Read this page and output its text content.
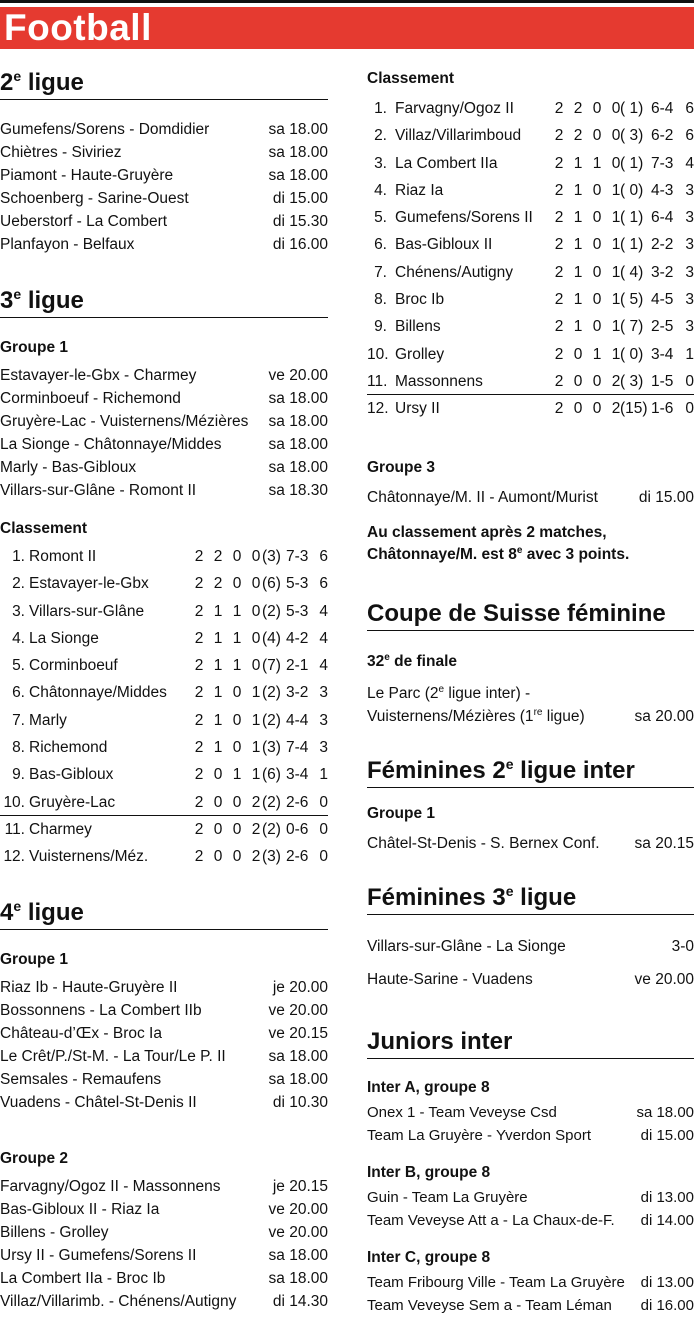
Football
2e ligue
Gumefens/Sorens - Domdidier	sa 18.00
Chiètres - Siviriez	sa 18.00
Piamont - Haute-Gruyère	sa 18.00
Schoenberg - Sarine-Ouest	di 15.00
Ueberstorf - La Combert	di 15.30
Planfayon - Belfaux	di 16.00
3e ligue
Groupe 1
Estavayer-le-Gbx - Charmey	ve 20.00
Corminboeuf - Richemond	sa 18.00
Gruyère-Lac - Vuisternens/Mézières sa 18.00
La Sionge - Châtonnaye/Middes	sa 18.00
Marly - Bas-Gibloux	sa 18.00
Villars-sur-Glâne - Romont II	sa 18.30
Classement
1. Romont II	2 2 0 0 (3) 7-3 6
2. Estavayer-le-Gbx	2 2 0 0 (6) 5-3 6
3. Villars-sur-Glâne	2 1 1 0 (2) 5-3 4
4. La Sionge	2 1 1 0 (4) 4-2 4
5. Corminboeuf	2 1 1 0 (7) 2-1 4
6. Châtonnaye/Middes 2 1 0 1 (2) 3-2 3
7. Marly	2 1 0 1 (2) 4-4 3
8. Richemond	2 1 0 1 (3) 7-4 3
9. Bas-Gibloux	2 0 1 1 (6) 3-4 1
10. Gruyère-Lac	2 0 0 2 (2) 2-6 0
11. Charmey	2 0 0 2 (2) 0-6 0
12. Vuisternens/Méz.	2 0 0 2 (3) 2-6 0
4e ligue
Groupe 1
Riaz Ib - Haute-Gruyère II	je 20.00
Bossonnens - La Combert IIb	ve 20.00
Château-d’Œx - Broc Ia	ve 20.15
Le Crêt/P./St-M. - La Tour/Le P. II	sa 18.00
Semsales - Remaufens	sa 18.00
Vuadens - Châtel-St-Denis II	di 10.30
Groupe 2
Farvagny/Ogoz II - Massonnens	je 20.15
Bas-Gibloux II - Riaz Ia	ve 20.00
Billens - Grolley	ve 20.00
Ursy II - Gumefens/Sorens II	sa 18.00
La Combert IIa - Broc Ib	sa 18.00
Villaz/Villarimb. - Chénens/Autigny di 14.30
Classement
1. Farvagny/Ogoz II	2 2 0 0 ( 1) 6-4 6
2. Villaz/Villarimboud 2 2 0 0 ( 3) 6-2 6
3. La Combert IIa	2 1 1 0 ( 1) 7-3 4
4. Riaz Ia	2 1 0 1 ( 0) 4-3 3
5. Gumefens/Sorens II 2 1 0 1 ( 1) 6-4 3
6. Bas-Gibloux II	2 1 0 1 ( 1) 2-2 3
7. Chénens/Autigny	2 1 0 1 ( 4) 3-2 3
8. Broc Ib	2 1 0 1 ( 5) 4-5 3
9. Billens	2 1 0 1 ( 7) 2-5 3
10. Grolley	2 0 1 1 ( 0) 3-4 1
11. Massonnens	2 0 0 2 ( 3) 1-5 0
12. Ursy II	2 0 0 2 (15) 1-6 0
Groupe 3
Châtonnaye/M. II - Aumont/Murist	di 15.00
Au classement après 2 matches,
Châtonnaye/M. est 8e avec 3 points.
Coupe de Suisse féminine
32e de finale
Le Parc (2e ligue inter) -
Vuisternens/Mézières (1re ligue)	sa 20.00
Féminines 2e ligue inter
Groupe 1
Châtel-St-Denis - S. Bernex Conf. sa 20.15
Féminines 3e ligue
Villars-sur-Glâne - La Sionge	3-0
Haute-Sarine - Vuadens	ve 20.00
Juniors inter
Inter A, groupe 8
Onex 1 - Team Veveyse Csd	sa 18.00
Team La Gruyère - Yverdon Sport	di 15.00
Inter B, groupe 8
Guin - Team La Gruyère	di 13.00
Team Veveyse Att a - La Chaux-de-F. di 14.00
Inter C, groupe 8
Team Fribourg Ville - Team La Gruyère di 13.00
Team Veveyse Sem a - Team Léman di 16.00
